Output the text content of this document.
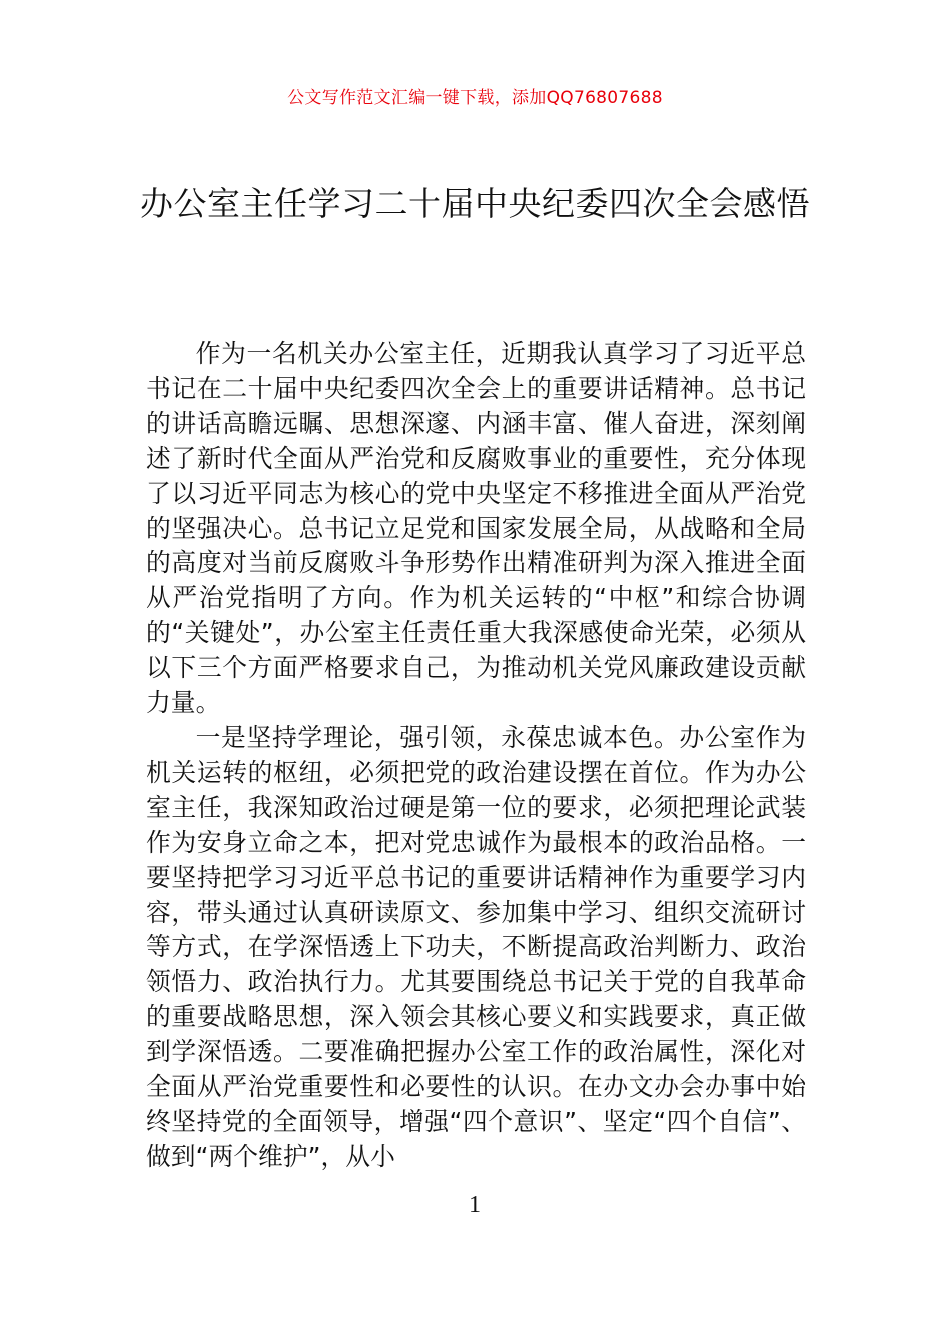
公文写作范文汇编一键下载，添加QQ76807688
办公室主任学习二十届中央纪委四次全会感悟

作为一名机关办公室主任，近期我认真学习了习近平总书记在二十届中央纪委四次全会上的重要讲话精神。总书记的讲话高瞻远瞩、思想深邃、内涵丰富、催人奋进，深刻阐述了新时代全面从严治党和反腐败事业的重要性，充分体现了以习近平同志为核心的党中央坚定不移推进全面从严治党的坚强决心。总书记立足党和国家发展全局，从战略和全局的高度对当前反腐败斗争形势作出精准研判为深入推进全面从严治党指明了方向。作为机关运转的“中枢”和综合协调的“关键处”，办公室主任责任重大我深感使命光荣，必须从以下三个方面严格要求自己，为推动机关党风廉政建设贡献力量。

一是坚持学理论，强引领，永葆忠诚本色。办公室作为机关运转的枢纽，必须把党的政治建设摆在首位。作为办公室主任，我深知政治过硬是第一位的要求，必须把理论武装作为安身立命之本，把对党忠诚作为最根本的政治品格。一要坚持把学习习近平总书记的重要讲话精神作为重要学习内容，带头通过认真研读原文、参加集中学习、组织交流研讨等方式，在学深悟透上下功夫，不断提高政治判断力、政治领悟力、政治执行力。尤其要围绕总书记关于党的自我革命的重要战略思想，深入领会其核心要义和实践要求，真正做到学深悟透。二要准确把握办公室工作的政治属性，深化对全面从严治党重要性和必要性的认识。在办文办会办事中始终坚持党的全面领导，增强“四个意识”、坚定“四个自信”、做到“两个维护”，从小

1
